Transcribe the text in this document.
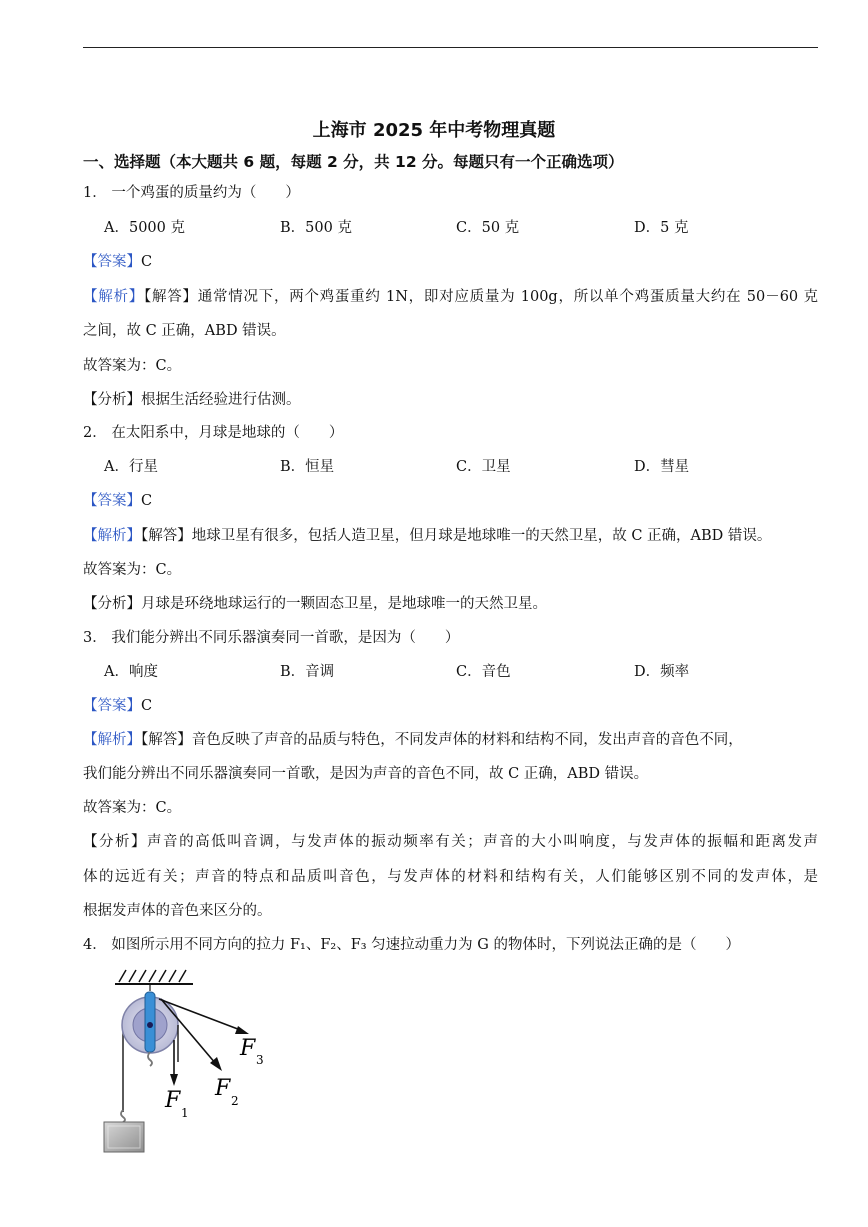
上海市 2025 年中考物理真题
一、选择题（本大题共 6 题，每题 2 分，共 12 分。每题只有一个正确选项）
1． 一个鸡蛋的质量约为（　　）
A．5000 克	B．500 克	C．50 克	D．5 克
【答案】C
【解析】【解答】通常情况下，两个鸡蛋重约 1N，即对应质量为 100g，所以单个鸡蛋质量大约在 50－60 克
之间，故 C 正确，ABD 错误。
故答案为：C。
【分析】根据生活经验进行估测。
2． 在太阳系中，月球是地球的（　　）
A．行星	B．恒星	C．卫星	D．彗星
【答案】C
【解析】【解答】地球卫星有很多，包括人造卫星，但月球是地球唯一的天然卫星，故 C 正确，ABD 错误。
故答案为：C。
【分析】月球是环绕地球运行的一颗固态卫星，是地球唯一的天然卫星。
3． 我们能分辨出不同乐器演奏同一首歌，是因为（　　）
A．响度	B．音调	C．音色	D．频率
【答案】C
【解析】【解答】音色反映了声音的品质与特色，不同发声体的材料和结构不同，发出声音的音色不同，
我们能分辨出不同乐器演奏同一首歌，是因为声音的音色不同，故 C 正确，ABD 错误。
故答案为：C。
【分析】声音的高低叫音调，与发声体的振动频率有关；声音的大小叫响度，与发声体的振幅和距离发声
体的远近有关；声音的特点和品质叫音色，与发声体的材料和结构有关，人们能够区别不同的发声体，是
根据发声体的音色来区分的。
4． 如图所示用不同方向的拉力 F₁、F₂、F₃ 匀速拉动重力为 G 的物体时，下列说法正确的是（　　）
F 3
F 2
F 1
